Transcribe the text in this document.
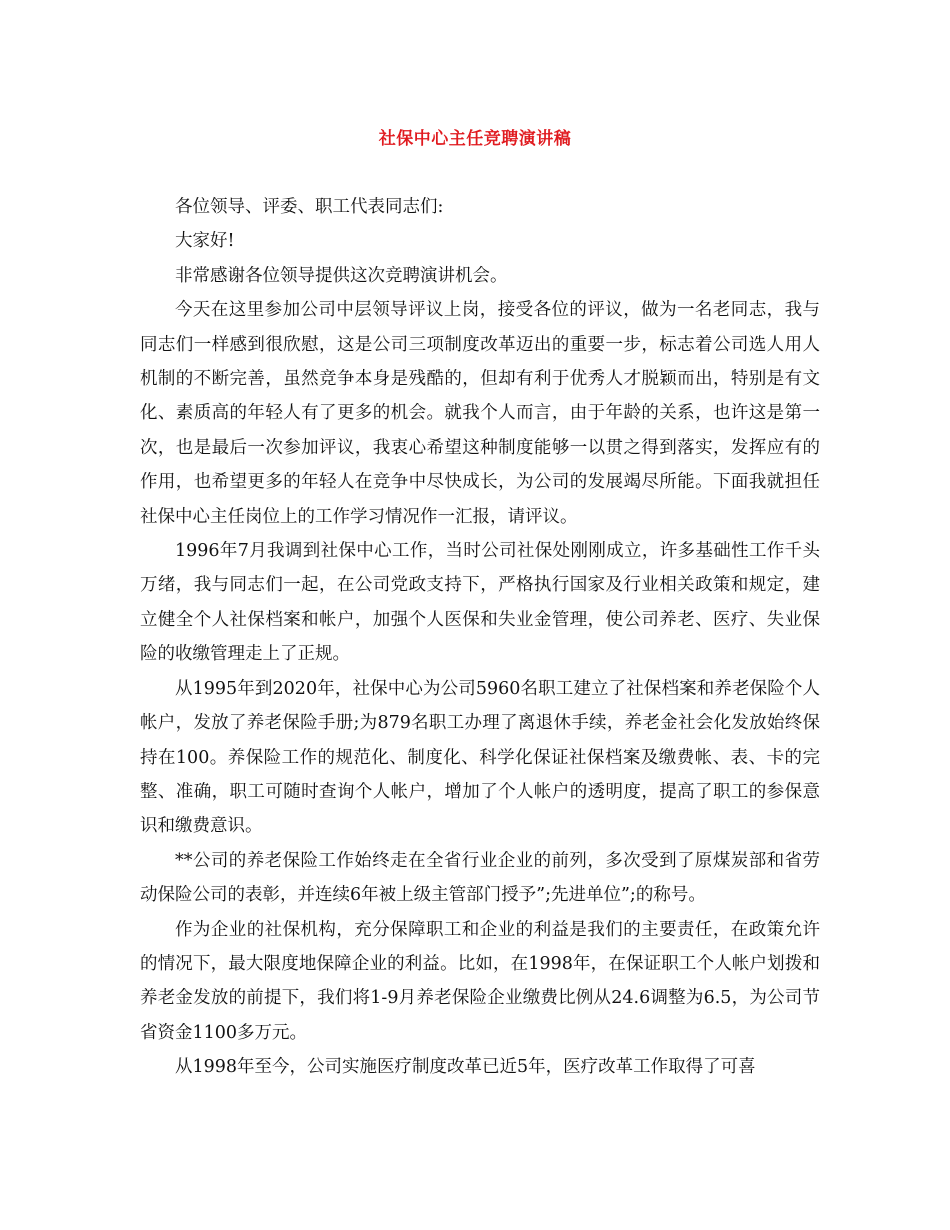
社保中心主任竞聘演讲稿

各位领导、评委、职工代表同志们:

大家好!

非常感谢各位领导提供这次竞聘演讲机会。

今天在这里参加公司中层领导评议上岗，接受各位的评议，做为一名老同志，我与同志们一样感到很欣慰，这是公司三项制度改革迈出的重要一步，标志着公司选人用人机制的不断完善，虽然竞争本身是残酷的，但却有利于优秀人才脱颖而出，特别是有文化、素质高的年轻人有了更多的机会。就我个人而言，由于年龄的关系，也许这是第一次，也是最后一次参加评议，我衷心希望这种制度能够一以贯之得到落实，发挥应有的作用，也希望更多的年轻人在竞争中尽快成长，为公司的发展竭尽所能。下面我就担任社保中心主任岗位上的工作学习情况作一汇报，请评议。

1996年7月我调到社保中心工作，当时公司社保处刚刚成立，许多基础性工作千头万绪，我与同志们一起，在公司党政支持下，严格执行国家及行业相关政策和规定，建立健全个人社保档案和帐户，加强个人医保和失业金管理，使公司养老、医疗、失业保险的收缴管理走上了正规。

从1995年到2020年，社保中心为公司5960名职工建立了社保档案和养老保险个人帐户，发放了养老保险手册;为879名职工办理了离退休手续，养老金社会化发放始终保持在100。养保险工作的规范化、制度化、科学化保证社保档案及缴费帐、表、卡的完整、准确，职工可随时查询个人帐户，增加了个人帐户的透明度，提高了职工的参保意识和缴费意识。

**公司的养老保险工作始终走在全省行业企业的前列，多次受到了原煤炭部和省劳动保险公司的表彰，并连续6年被上级主管部门授予”;先进单位”;的称号。

作为企业的社保机构，充分保障职工和企业的利益是我们的主要责任，在政策允许的情况下，最大限度地保障企业的利益。比如，在1998年，在保证职工个人帐户划拨和养老金发放的前提下，我们将1-9月养老保险企业缴费比例从24.6调整为6.5，为公司节省资金1100多万元。

从1998年至今，公司实施医疗制度改革已近5年，医疗改革工作取得了可喜
